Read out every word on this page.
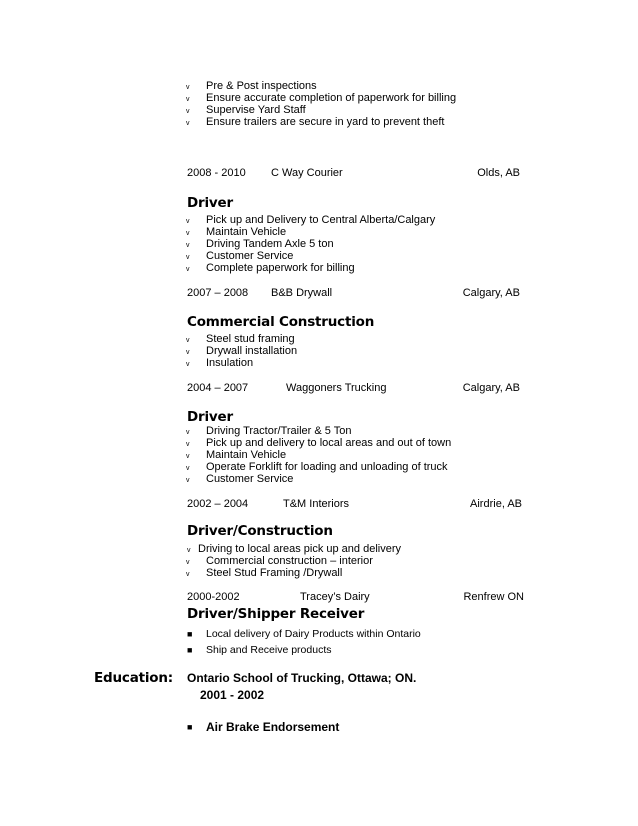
v Pre & Post inspections
v Ensure accurate completion of paperwork for billing
v Supervise Yard Staff
v Ensure trailers are secure in yard to prevent theft
2008 - 2010 C Way Courier	Olds, AB
Driver
v Pick up and Delivery to Central Alberta/Calgary
v Maintain Vehicle
v Driving Tandem Axle 5 ton
v Customer Service
v Complete paperwork for billing
2007 – 2008 B&B Drywall	Calgary, AB
Commercial Construction
v Steel stud framing
v Drywall installation
v Insulation
2004 – 2007	Waggoners Trucking	Calgary, AB
Driver
v Driving Tractor/Trailer & 5 Ton
v Pick up and delivery to local areas and out of town
v Maintain Vehicle
v Operate Forklift for loading and unloading of truck
v Customer Service
2002 – 2004	T&M Interiors	Airdrie, AB
Driver/Construction
v Driving to local areas pick up and delivery
v Commercial construction – interior
v Steel Stud Framing /Drywall
2000-2002	Tracey’s Dairy	Renfrew ON
Driver/Shipper Receiver
■ Local delivery of Dairy Products within Ontario
■ Ship and Receive products
Education: Ontario School of Trucking, Ottawa; ON.
2001 - 2002
■ Air Brake Endorsement
